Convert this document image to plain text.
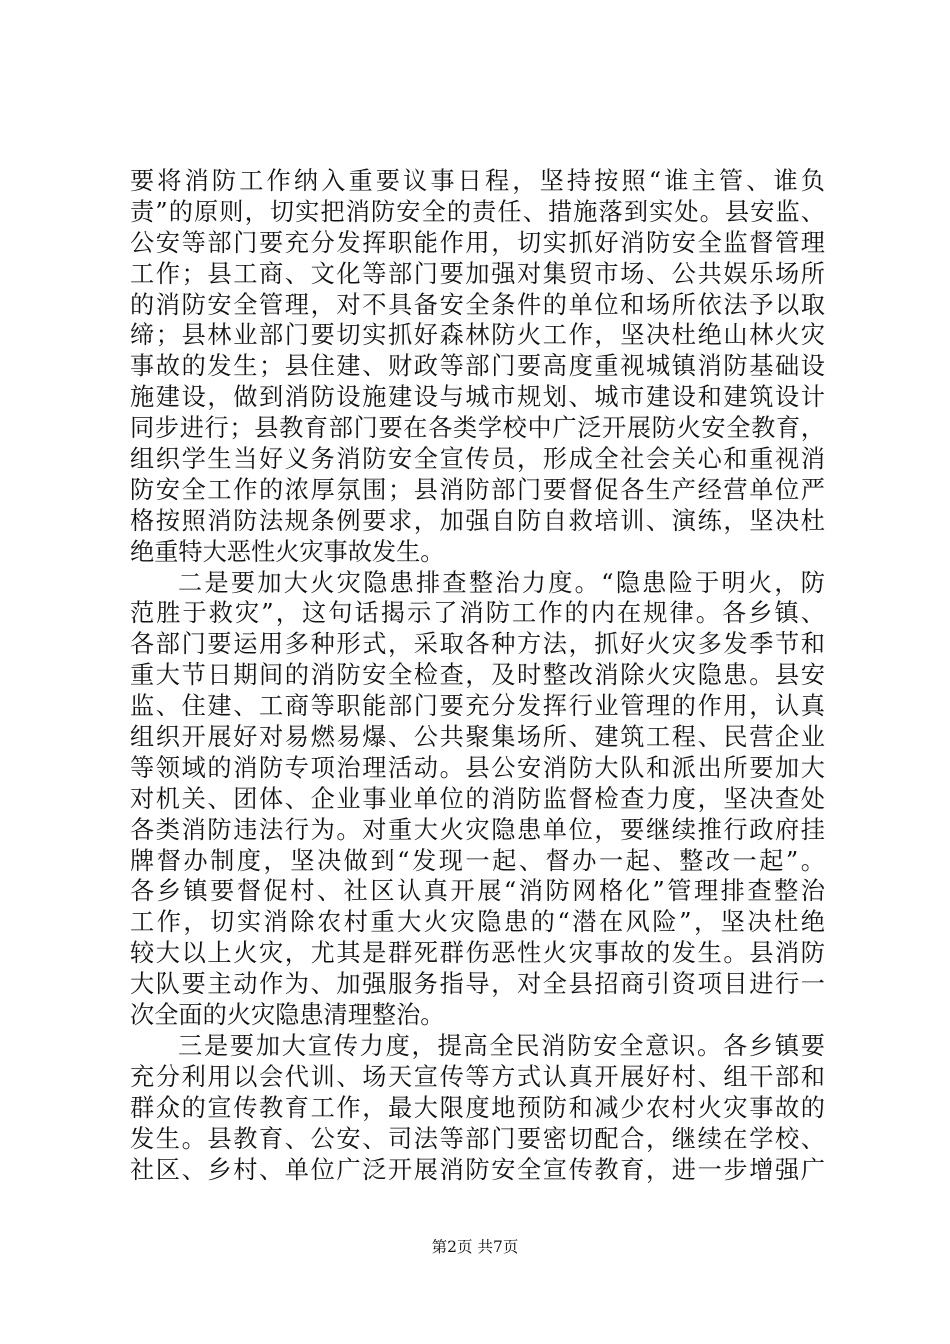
要将消防工作纳入重要议事日程，坚持按照“谁主管、谁负
责”的原则，切实把消防安全的责任、措施落到实处。县安监、
公安等部门要充分发挥职能作用，切实抓好消防安全监督管理
工作；县工商、文化等部门要加强对集贸市场、公共娱乐场所
的消防安全管理，对不具备安全条件的单位和场所依法予以取
缔；县林业部门要切实抓好森林防火工作，坚决杜绝山林火灾
事故的发生；县住建、财政等部门要高度重视城镇消防基础设
施建设，做到消防设施建设与城市规划、城市建设和建筑设计
同步进行；县教育部门要在各类学校中广泛开展防火安全教育，
组织学生当好义务消防安全宣传员，形成全社会关心和重视消
防安全工作的浓厚氛围；县消防部门要督促各生产经营单位严
格按照消防法规条例要求，加强自防自救培训、演练，坚决杜
绝重特大恶性火灾事故发生。
二是要加大火灾隐患排查整治力度。“隐患险于明火，防
范胜于救灾”，这句话揭示了消防工作的内在规律。各乡镇、
各部门要运用多种形式，采取各种方法，抓好火灾多发季节和
重大节日期间的消防安全检查，及时整改消除火灾隐患。县安
监、住建、工商等职能部门要充分发挥行业管理的作用，认真
组织开展好对易燃易爆、公共聚集场所、建筑工程、民营企业
等领域的消防专项治理活动。县公安消防大队和派出所要加大
对机关、团体、企业事业单位的消防监督检查力度，坚决查处
各类消防违法行为。对重大火灾隐患单位，要继续推行政府挂
牌督办制度，坚决做到“发现一起、督办一起、整改一起”。
各乡镇要督促村、社区认真开展“消防网格化”管理排查整治
工作，切实消除农村重大火灾隐患的“潜在风险”，坚决杜绝
较大以上火灾，尤其是群死群伤恶性火灾事故的发生。县消防
大队要主动作为、加强服务指导，对全县招商引资项目进行一
次全面的火灾隐患清理整治。
三是要加大宣传力度，提高全民消防安全意识。各乡镇要
充分利用以会代训、场天宣传等方式认真开展好村、组干部和
群众的宣传教育工作，最大限度地预防和减少农村火灾事故的
发生。县教育、公安、司法等部门要密切配合，继续在学校、
社区、乡村、单位广泛开展消防安全宣传教育，进一步增强广
第2页 共7页
